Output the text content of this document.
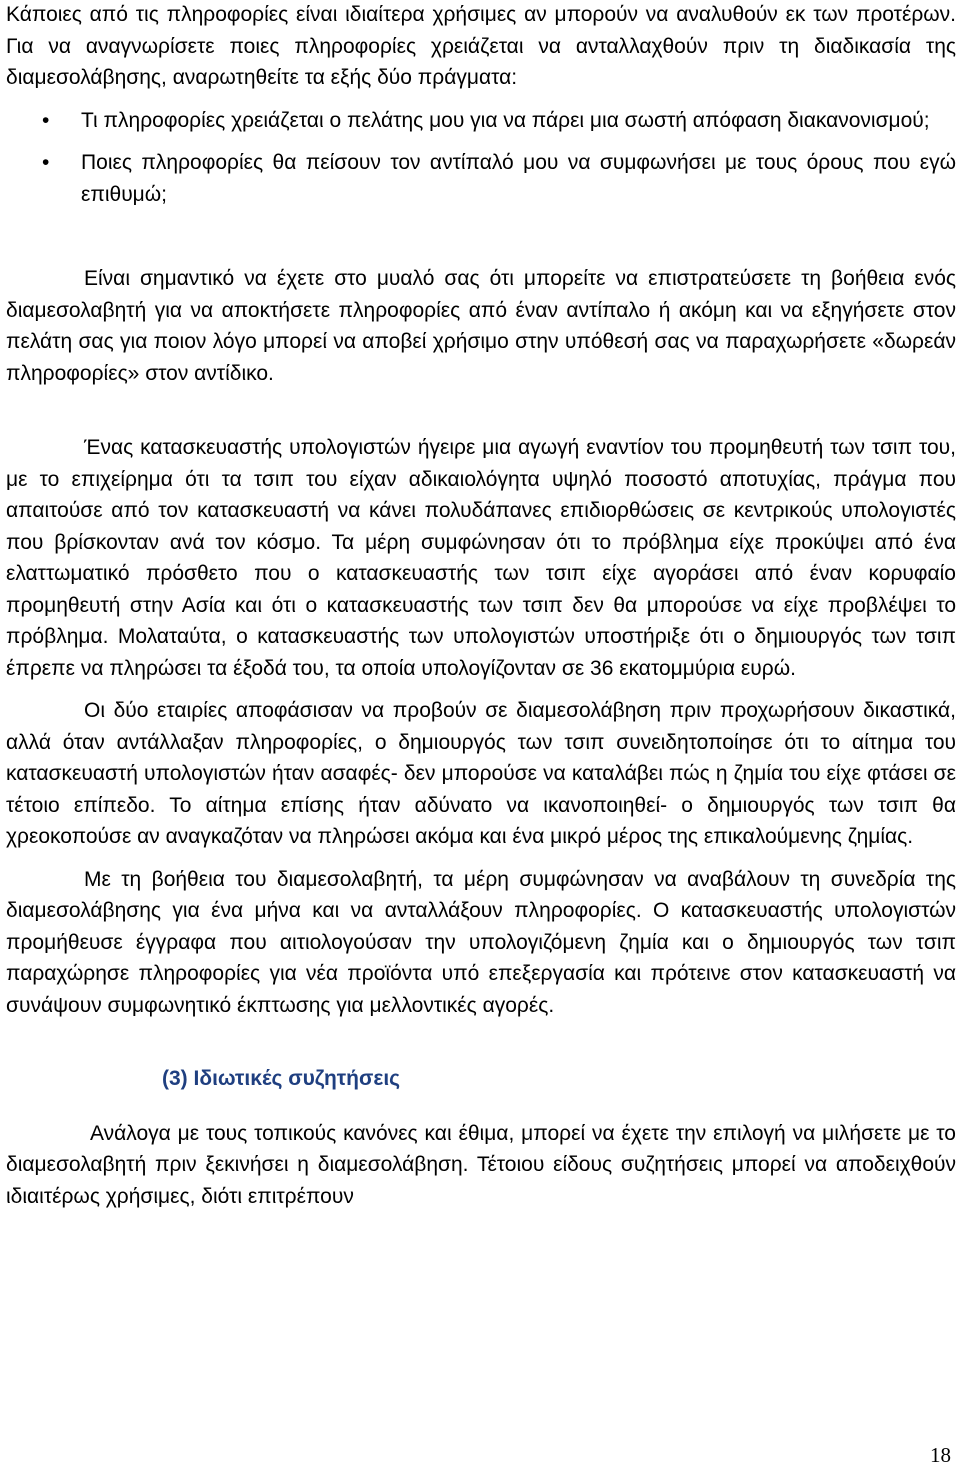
Κάποιες από τις πληροφορίες είναι ιδιαίτερα χρήσιμες αν μπορούν να αναλυθούν εκ των προτέρων. Για να αναγνωρίσετε ποιες πληροφορίες χρειάζεται να ανταλλαχθούν πριν τη διαδικασία της διαμεσολάβησης, αναρωτηθείτε τα εξής δύο πράγματα:

• Τι πληροφορίες χρειάζεται ο πελάτης μου για να πάρει μια σωστή απόφαση διακανονισμού;
• Ποιες πληροφορίες θα πείσουν τον αντίπαλό μου να συμφωνήσει με τους όρους που εγώ επιθυμώ;

Είναι σημαντικό να έχετε στο μυαλό σας ότι μπορείτε να επιστρατεύσετε τη βοήθεια ενός διαμεσολαβητή για να αποκτήσετε πληροφορίες από έναν αντίπαλο ή ακόμη και να εξηγήσετε στον πελάτη σας για ποιον λόγο μπορεί να αποβεί χρήσιμο στην υπόθεσή σας να παραχωρήσετε «δωρεάν πληροφορίες» στον αντίδικο.

Ένας κατασκευαστής υπολογιστών ήγειρε μια αγωγή εναντίον του προμηθευτή των τσιπ του, με το επιχείρημα ότι τα τσιπ του είχαν αδικαιολόγητα υψηλό ποσοστό αποτυχίας, πράγμα που απαιτούσε από τον κατασκευαστή να κάνει πολυδάπανες επιδιορθώσεις σε κεντρικούς υπολογιστές που βρίσκονταν ανά τον κόσμο. Τα μέρη συμφώνησαν ότι το πρόβλημα είχε προκύψει από ένα ελαττωματικό πρόσθετο που ο κατασκευαστής των τσιπ είχε αγοράσει από έναν κορυφαίο προμηθευτή στην Ασία και ότι ο κατασκευαστής των τσιπ δεν θα μπορούσε να είχε προβλέψει το πρόβλημα. Μολαταύτα, ο κατασκευαστής των υπολογιστών υποστήριξε ότι ο δημιουργός των τσιπ έπρεπε να πληρώσει τα έξοδά του, τα οποία υπολογίζονταν σε 36 εκατομμύρια ευρώ.

Οι δύο εταιρίες αποφάσισαν να προβούν σε διαμεσολάβηση πριν προχωρήσουν δικαστικά, αλλά όταν αντάλλαξαν πληροφορίες, ο δημιουργός των τσιπ συνειδητοποίησε ότι το αίτημα του κατασκευαστή υπολογιστών ήταν ασαφές- δεν μπορούσε να καταλάβει πώς η ζημία του είχε φτάσει σε τέτοιο επίπεδο. Το αίτημα επίσης ήταν αδύνατο να ικανοποιηθεί- ο δημιουργός των τσιπ θα χρεοκοπούσε αν αναγκαζόταν να πληρώσει ακόμα και ένα μικρό μέρος της επικαλούμενης ζημίας.

Με τη βοήθεια του διαμεσολαβητή, τα μέρη συμφώνησαν να αναβάλουν τη συνεδρία της διαμεσολάβησης για ένα μήνα και να ανταλλάξουν πληροφορίες. Ο κατασκευαστής υπολογιστών προμήθευσε έγγραφα που αιτιολογούσαν την υπολογιζόμενη ζημία και ο δημιουργός των τσιπ παραχώρησε πληροφορίες για νέα προϊόντα υπό επεξεργασία και πρότεινε στον κατασκευαστή να συνάψουν συμφωνητικό έκπτωσης για μελλοντικές αγορές.

(3) Ιδιωτικές συζητήσεις

Ανάλογα με τους τοπικούς κανόνες και έθιμα, μπορεί να έχετε την επιλογή να μιλήσετε με το διαμεσολαβητή πριν ξεκινήσει η διαμεσολάβηση. Τέτοιου είδους συζητήσεις μπορεί να αποδειχθούν ιδιαιτέρως χρήσιμες, διότι επιτρέπουν

18
